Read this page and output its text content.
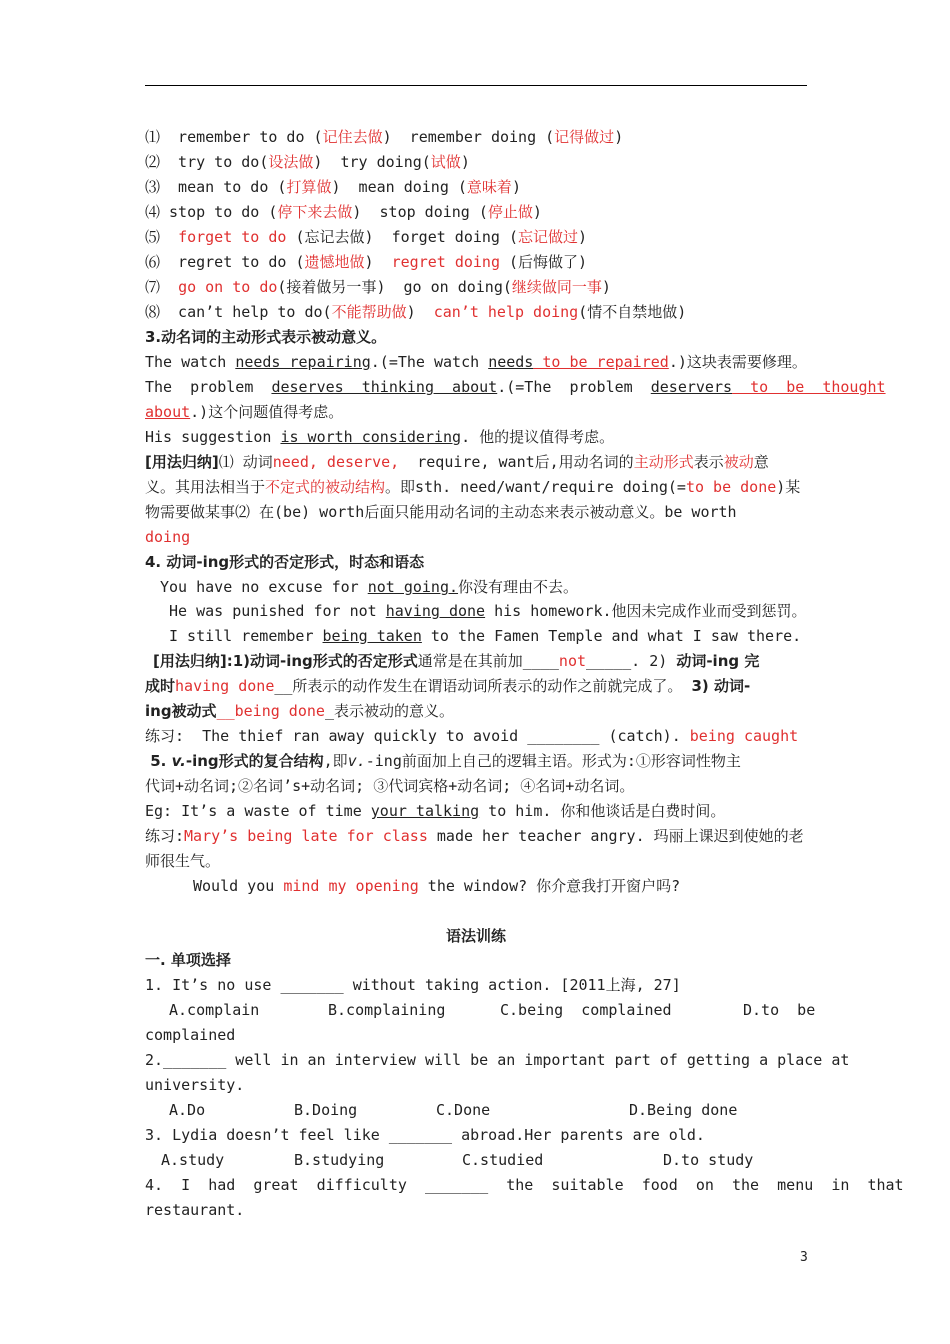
⑴  remember to do (记住去做)  remember doing (记得做过)
⑵  try to do(设法做)  try doing(试做)
⑶  mean to do (打算做)  mean doing (意味着)
⑷ stop to do (停下来去做)  stop doing (停止做)
⑸  forget to do (忘记去做)  forget doing (忘记做过)
⑹  regret to do (遗憾地做)  regret doing (后悔做了)
⑺  go on to do(接着做另一事)  go on doing(继续做同一事)
⑻  can’t help to do(不能帮助做)  can’t help doing(情不自禁地做)
3.动名词的主动形式表示被动意义。
The watch needs repairing.(=The watch needs to be repaired.)这块表需要修理。
The  problem  deserves  thinking  about.(=The  problem  deservers  to  be  thought
about.)这个问题值得考虑。
His suggestion is worth considering. 他的提议值得考虑。
[用法归纳]⑴ 动词need, deserve,  require, want后,用动名词的主动形式表示被动意
义。其用法相当于不定式的被动结构。即sth. need/want/require doing(=to be done)某
物需要做某事⑵ 在(be) worth后面只能用动名词的主动态来表示被动意义。be worth
doing
4. 动词-ing形式的否定形式，时态和语态
You have no excuse for not going.你没有理由不去。
He was punished for not having done his homework.他因未完成作业而受到惩罚。
I still remember being taken to the Famen Temple and what I saw there.
[用法归纳]:1)动词-ing形式的否定形式通常是在其前加____not_____. 2) 动词-ing 完
成时having done__所表示的动作发生在谓语动词所表示的动作之前就完成了。 3) 动词-
ing被动式__being done_表示被动的意义。
练习:  The thief ran away quickly to avoid ________ (catch). being caught
5. v.-ing形式的复合结构,即v.-ing前面加上自己的逻辑主语。形式为:①形容词性物主
代词+动名词;②名词’s+动名词; ③代词宾格+动名词; ④名词+动名词。
Eg: It’s a waste of time your talking to him. 你和他谈话是白费时间。
练习:Mary’s being late for class made her teacher angry. 玛丽上课迟到使她的老
师很生气。
Would you mind my opening the window? 你介意我打开窗户吗?
语法训练
一. 单项选择
1. It’s no use _______ without taking action. [2011上海, 27]
A.complain	B.complaining	C.being  complained	D.to  be
complained
2._______ well in an interview will be an important part of getting a place at
university.
A.Do	B.Doing	C.Done	D.Being done
3. Lydia doesn’t feel like _______ abroad.Her parents are old.
A.study	B.studying	C.studied	D.to study
4.  I  had  great  difficulty  _______  the  suitable  food  on  the  menu  in  that
restaurant.
3
